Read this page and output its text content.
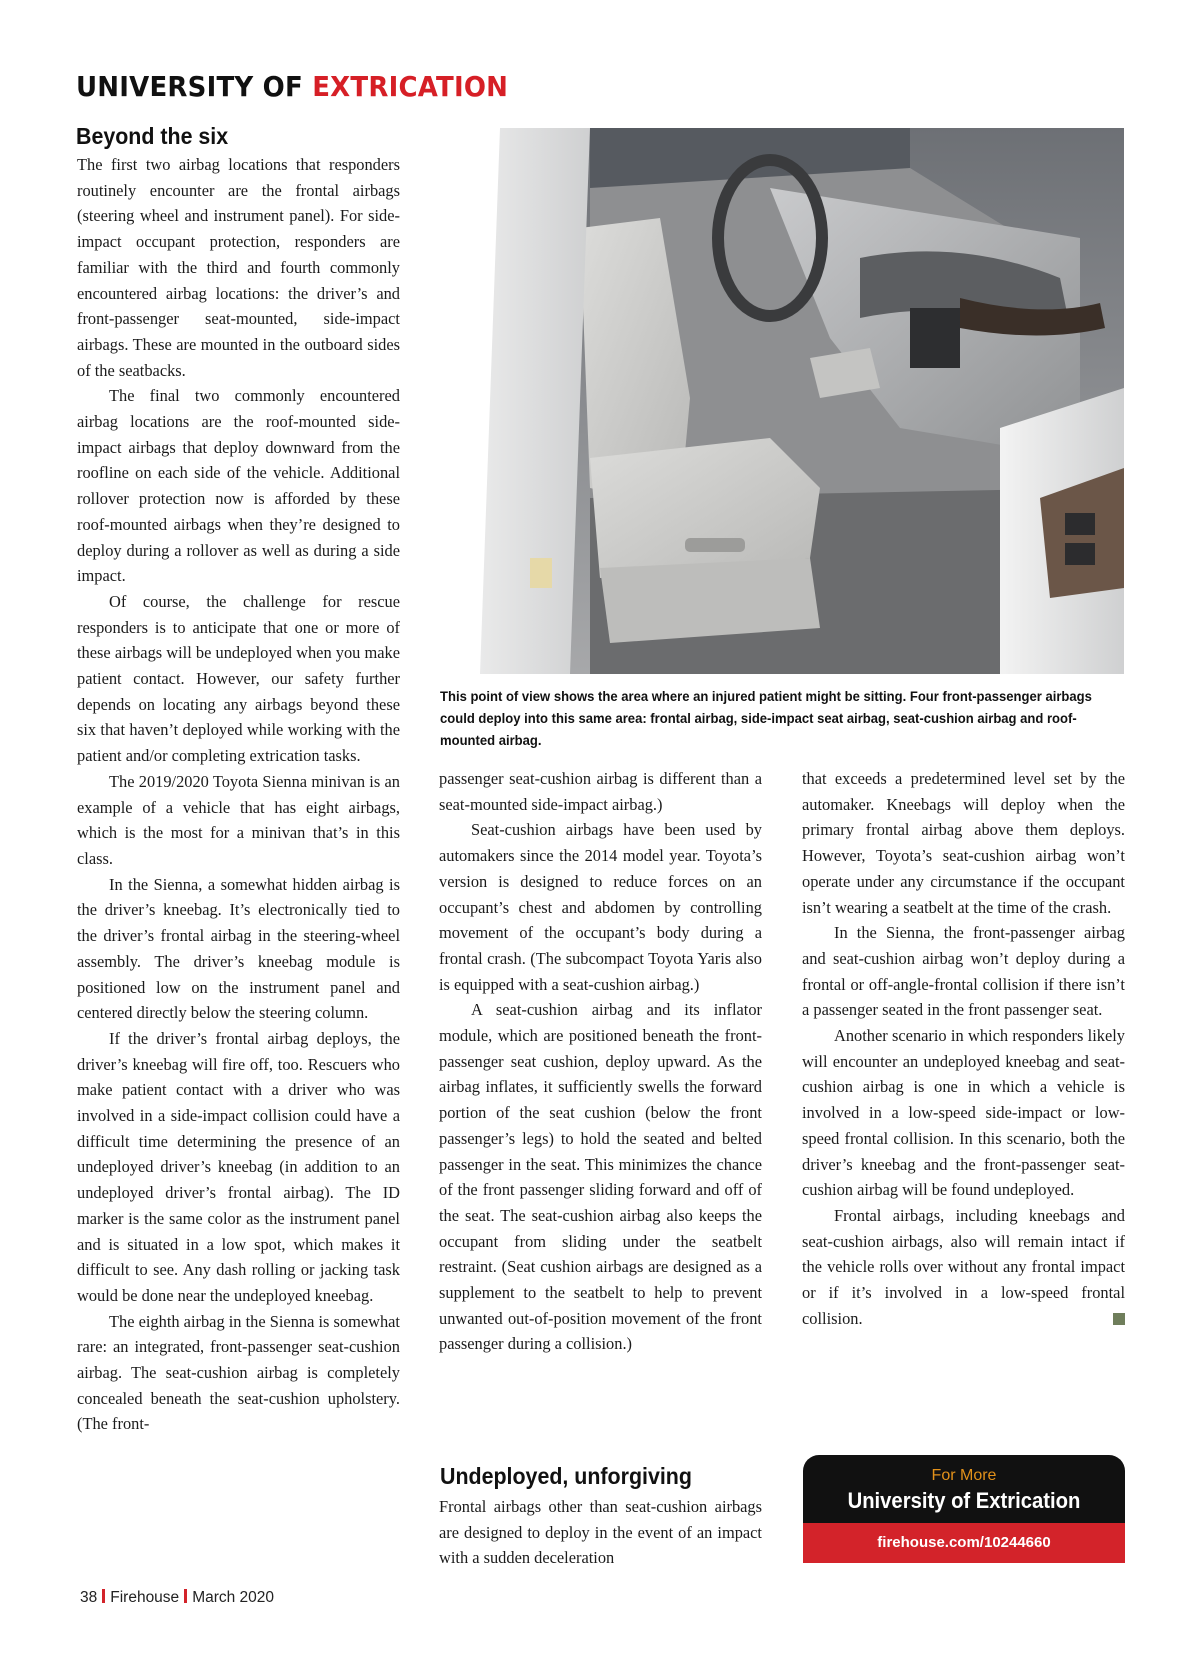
UNIVERSITY OF EXTRICATION
Beyond the six

The first two airbag locations that responders routinely encounter are the frontal airbags (steering wheel and instrument panel). For side-impact occupant protection, responders are familiar with the third and fourth commonly encountered airbag locations: the driver’s and front-passenger seat-mounted, side-impact airbags. These are mounted in the outboard sides of the seatbacks.

The final two commonly encountered airbag locations are the roof-mounted side-impact airbags that deploy downward from the roofline on each side of the vehicle. Additional rollover protection now is afforded by these roof-mounted airbags when they’re designed to deploy during a rollover as well as during a side impact.

Of course, the challenge for rescue responders is to anticipate that one or more of these airbags will be undeployed when you make patient contact. However, our safety further depends on locating any airbags beyond these six that haven’t deployed while working with the patient and/or completing extrication tasks.

The 2019/2020 Toyota Sienna minivan is an example of a vehicle that has eight airbags, which is the most for a minivan that’s in this class.

In the Sienna, a somewhat hidden airbag is the driver’s kneebag. It’s electronically tied to the driver’s frontal airbag in the steering-wheel assembly. The driver’s kneebag module is positioned low on the instrument panel and centered directly below the steering column.

If the driver’s frontal airbag deploys, the driver’s kneebag will fire off, too. Rescuers who make patient contact with a driver who was involved in a side-impact collision could have a difficult time determining the presence of an undeployed driver’s kneebag (in addition to an undeployed driver’s frontal airbag). The ID marker is the same color as the instrument panel and is situated in a low spot, which makes it difficult to see. Any dash rolling or jacking task would be done near the undeployed kneebag.

The eighth airbag in the Sienna is somewhat rare: an integrated, front-passenger seat-cushion airbag. The seat-cushion airbag is completely concealed beneath the seat-cushion upholstery. (The front-

This point of view shows the area where an injured patient might be sitting. Four front-passenger airbags could deploy into this same area: frontal airbag, side-impact seat airbag, seat-cushion airbag and roof-mounted airbag.

passenger seat-cushion airbag is different than a seat-mounted side-impact airbag.)

Seat-cushion airbags have been used by automakers since the 2014 model year. Toyota’s version is designed to reduce forces on an occupant’s chest and abdomen by controlling movement of the occupant’s body during a frontal crash. (The subcompact Toyota Yaris also is equipped with a seat-cushion airbag.)

A seat-cushion airbag and its inflator module, which are positioned beneath the front-passenger seat cushion, deploy upward. As the airbag inflates, it sufficiently swells the forward portion of the seat cushion (below the front passenger’s legs) to hold the seated and belted passenger in the seat. This minimizes the chance of the front passenger sliding forward and off of the seat. The seat-cushion airbag also keeps the occupant from sliding under the seatbelt restraint. (Seat cushion airbags are designed as a supplement to the seatbelt to help to prevent unwanted out-of-position movement of the front passenger during a collision.)

Undeployed, unforgiving

Frontal airbags other than seat-cushion airbags are designed to deploy in the event of an impact with a sudden deceleration

that exceeds a predetermined level set by the automaker. Kneebags will deploy when the primary frontal airbag above them deploys. However, Toyota’s seat-cushion airbag won’t operate under any circumstance if the occupant isn’t wearing a seatbelt at the time of the crash.

In the Sienna, the front-passenger airbag and seat-cushion airbag won’t deploy during a frontal or off-angle-frontal collision if there isn’t a passenger seated in the front passenger seat.

Another scenario in which responders likely will encounter an undeployed kneebag and seat-cushion airbag is one in which a vehicle is involved in a low-speed side-impact or low-speed frontal collision. In this scenario, both the driver’s kneebag and the front-passenger seat-cushion airbag will be found undeployed.

Frontal airbags, including kneebags and seat-cushion airbags, also will remain intact if the vehicle rolls over without any frontal impact or if it’s involved in a low-speed frontal collision.

For More
University of Extrication
firehouse.com/10244660

38 Firehouse March 2020
